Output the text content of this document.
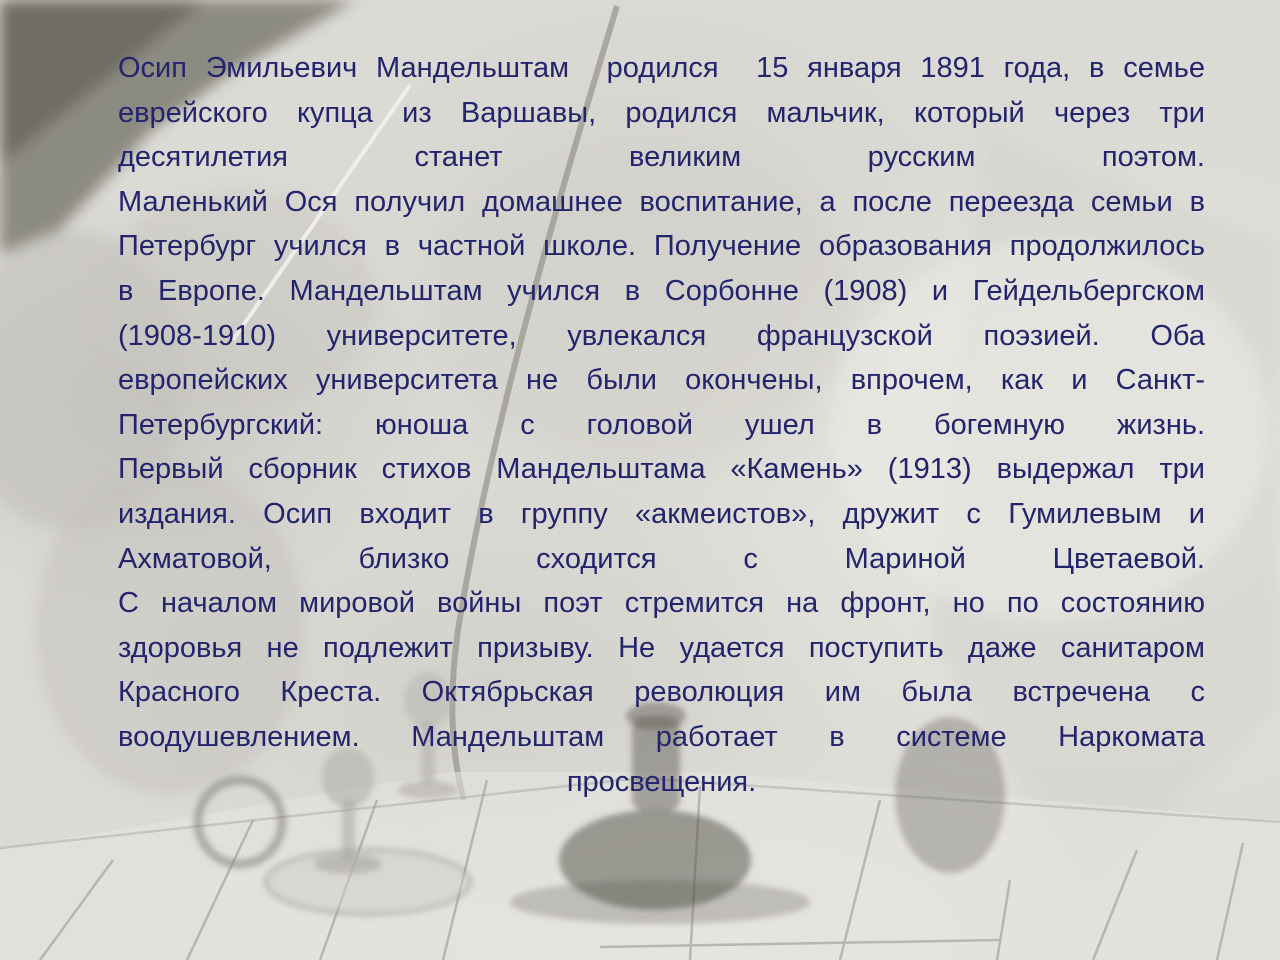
Осип Эмильевич Мандельштам  родился  15 января 1891 года, в семье

еврейского купца из Варшавы, родился мальчик, который через три

десятилетия станет великим русским поэтом.

Маленький Ося получил домашнее воспитание, а после переезда семьи в

Петербург учился в частной школе. Получение образования продолжилось

в Европе. Мандельштам учился в Сорбонне (1908) и Гейдельбергском

(1908-1910) университете, увлекался французской поэзией. Оба

европейских университета не были окончены, впрочем, как и Санкт-

Петербургский: юноша с головой ушел в богемную жизнь.

Первый сборник стихов Мандельштама «Камень» (1913) выдержал три

издания. Осип входит в группу «акмеистов», дружит с Гумилевым и

Ахматовой, близко сходится с Мариной Цветаевой.

С началом мировой войны поэт стремится на фронт, но по состоянию

здоровья не подлежит призыву. Не удается поступить даже санитаром

Красного Креста. Октябрьская революция им была встречена с

воодушевлением. Мандельштам работает в системе Наркомата

просвещения.
